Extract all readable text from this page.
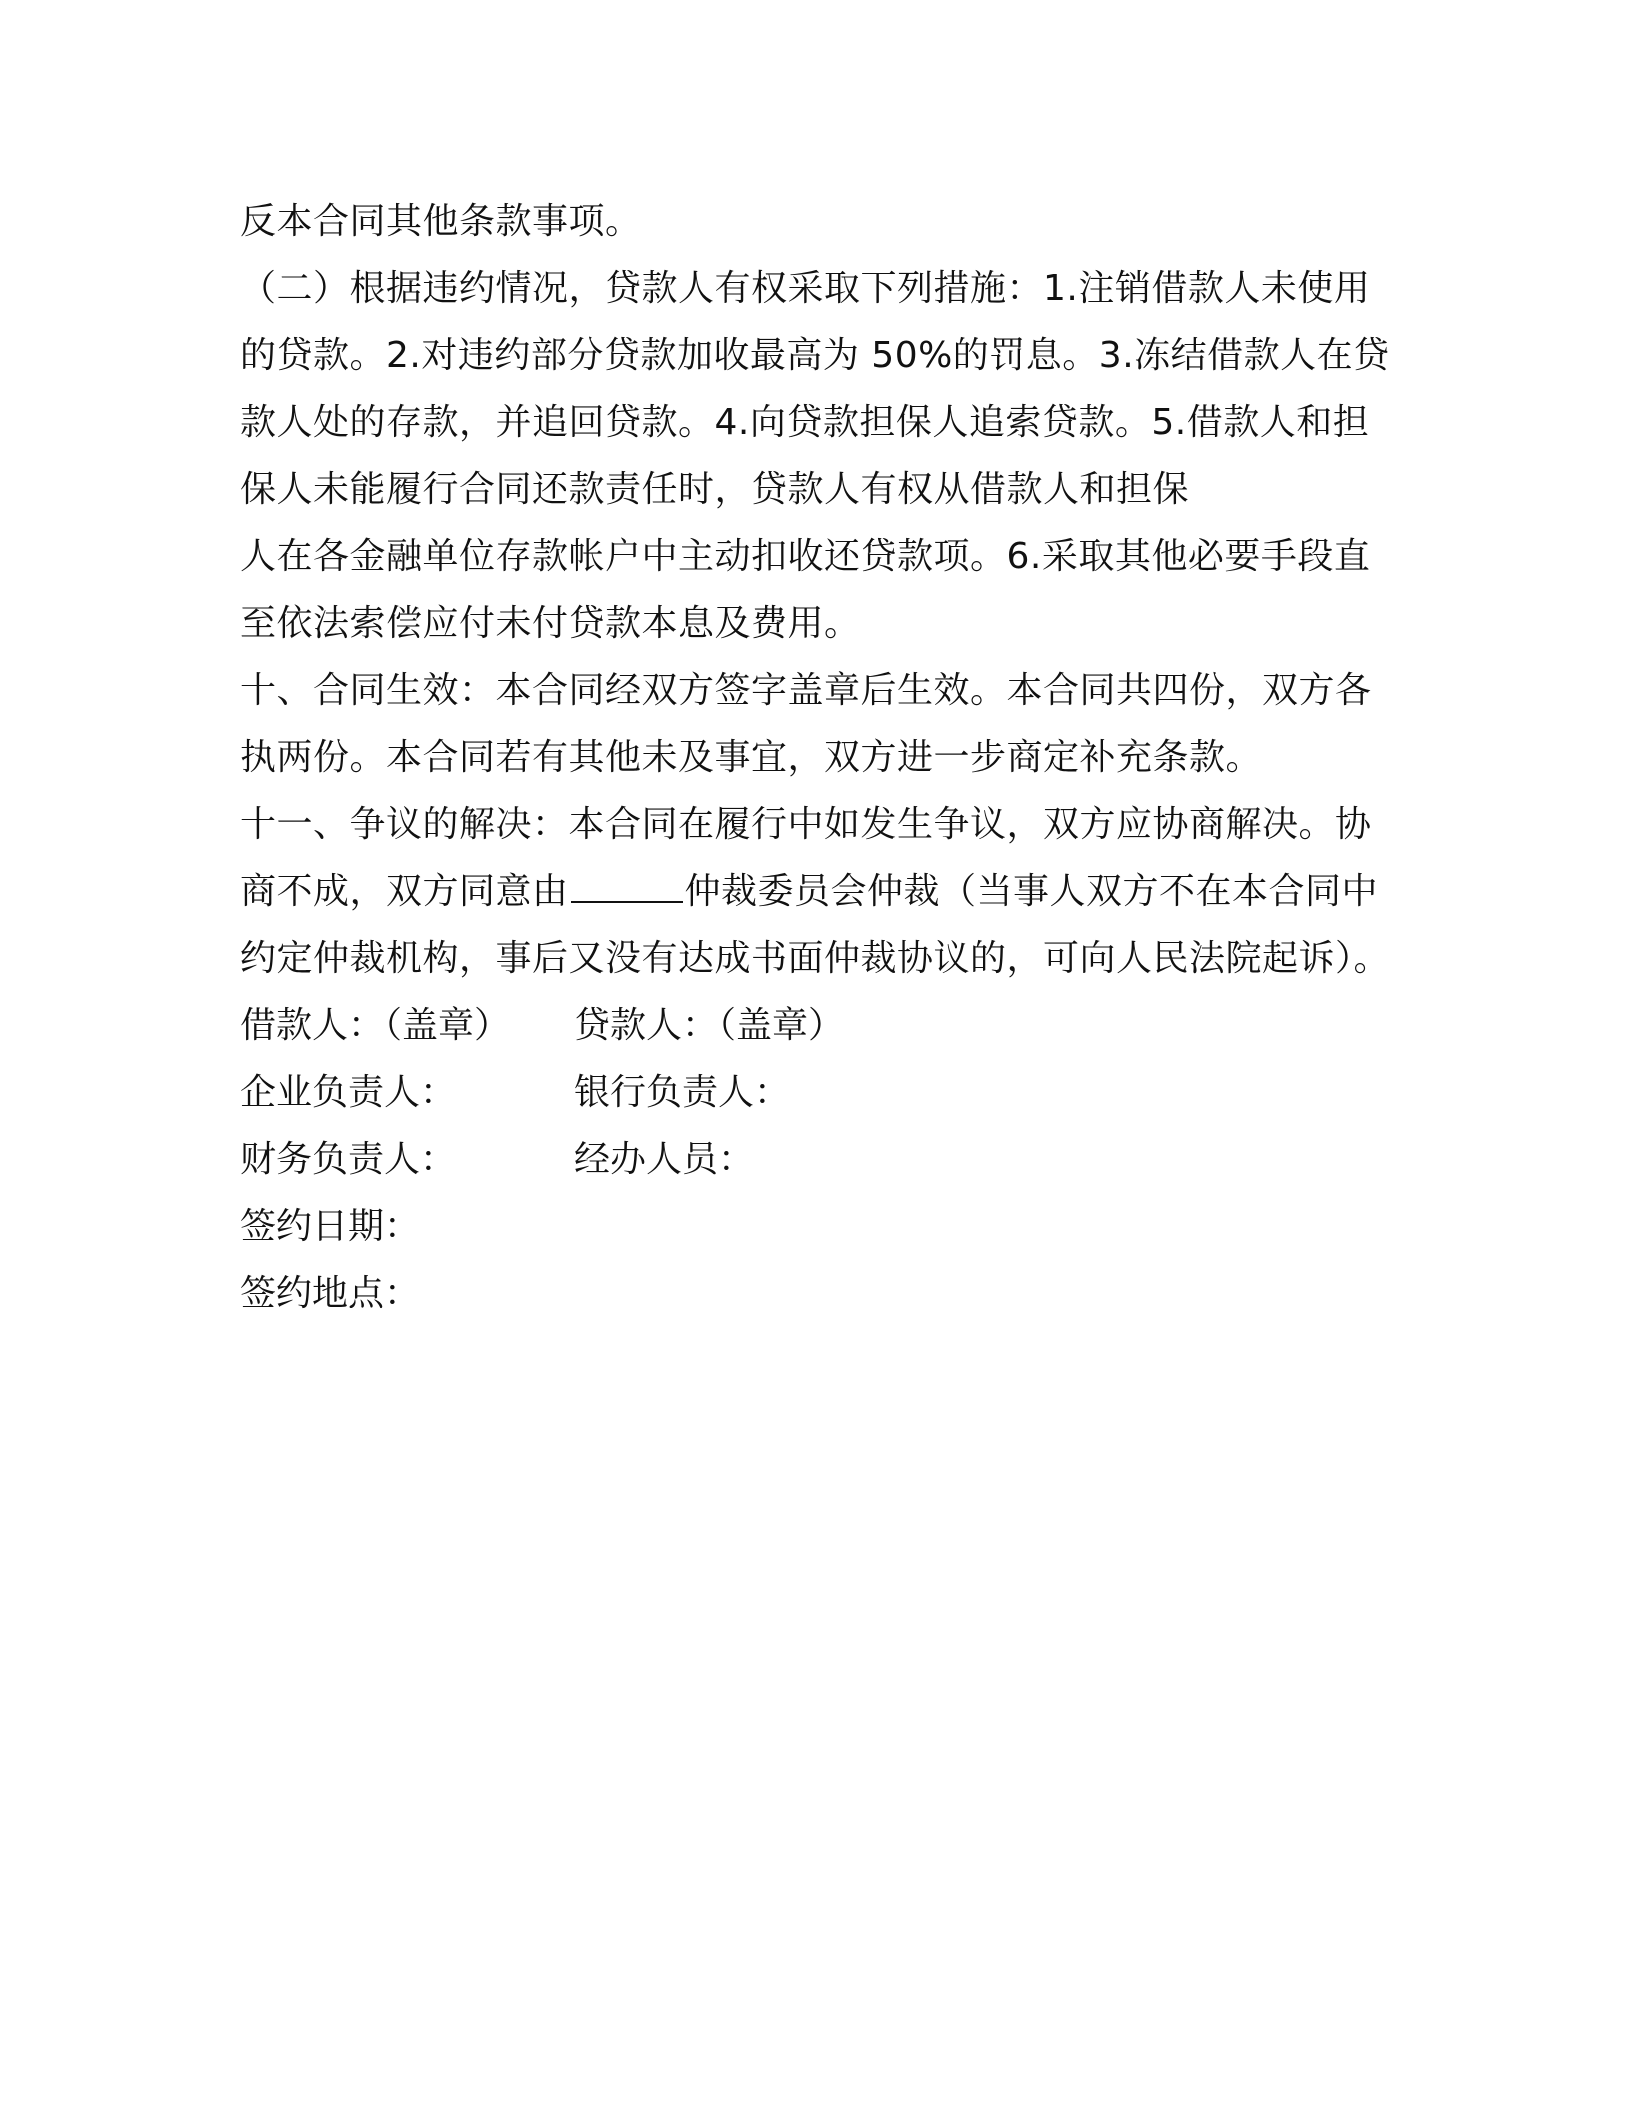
反本合同其他条款事项。
（二）根据违约情况，贷款人有权采取下列措施：1.注销借款人未使用
的贷款。2.对违约部分贷款加收最高为 50%的罚息。3.冻结借款人在贷
款人处的存款，并追回贷款。4.向贷款担保人追索贷款。5.借款人和担
保人未能履行合同还款责任时，贷款人有权从借款人和担保
人在各金融单位存款帐户中主动扣收还贷款项。6.采取其他必要手段直
至依法索偿应付未付贷款本息及费用。
十、合同生效：本合同经双方签字盖章后生效。本合同共四份，双方各
执两份。本合同若有其他未及事宜，双方进一步商定补充条款。
十一、争议的解决：本合同在履行中如发生争议，双方应协商解决。协
商不成，双方同意由	仲裁委员会仲裁（当事人双方不在本合同中
约定仲裁机构，事后又没有达成书面仲裁协议的，可向人民法院起诉）。
借款人：（盖章） 贷款人：（盖章）
企业负责人：	银行负责人：
财务负责人：	经办人员：
签约日期：
签约地点：
